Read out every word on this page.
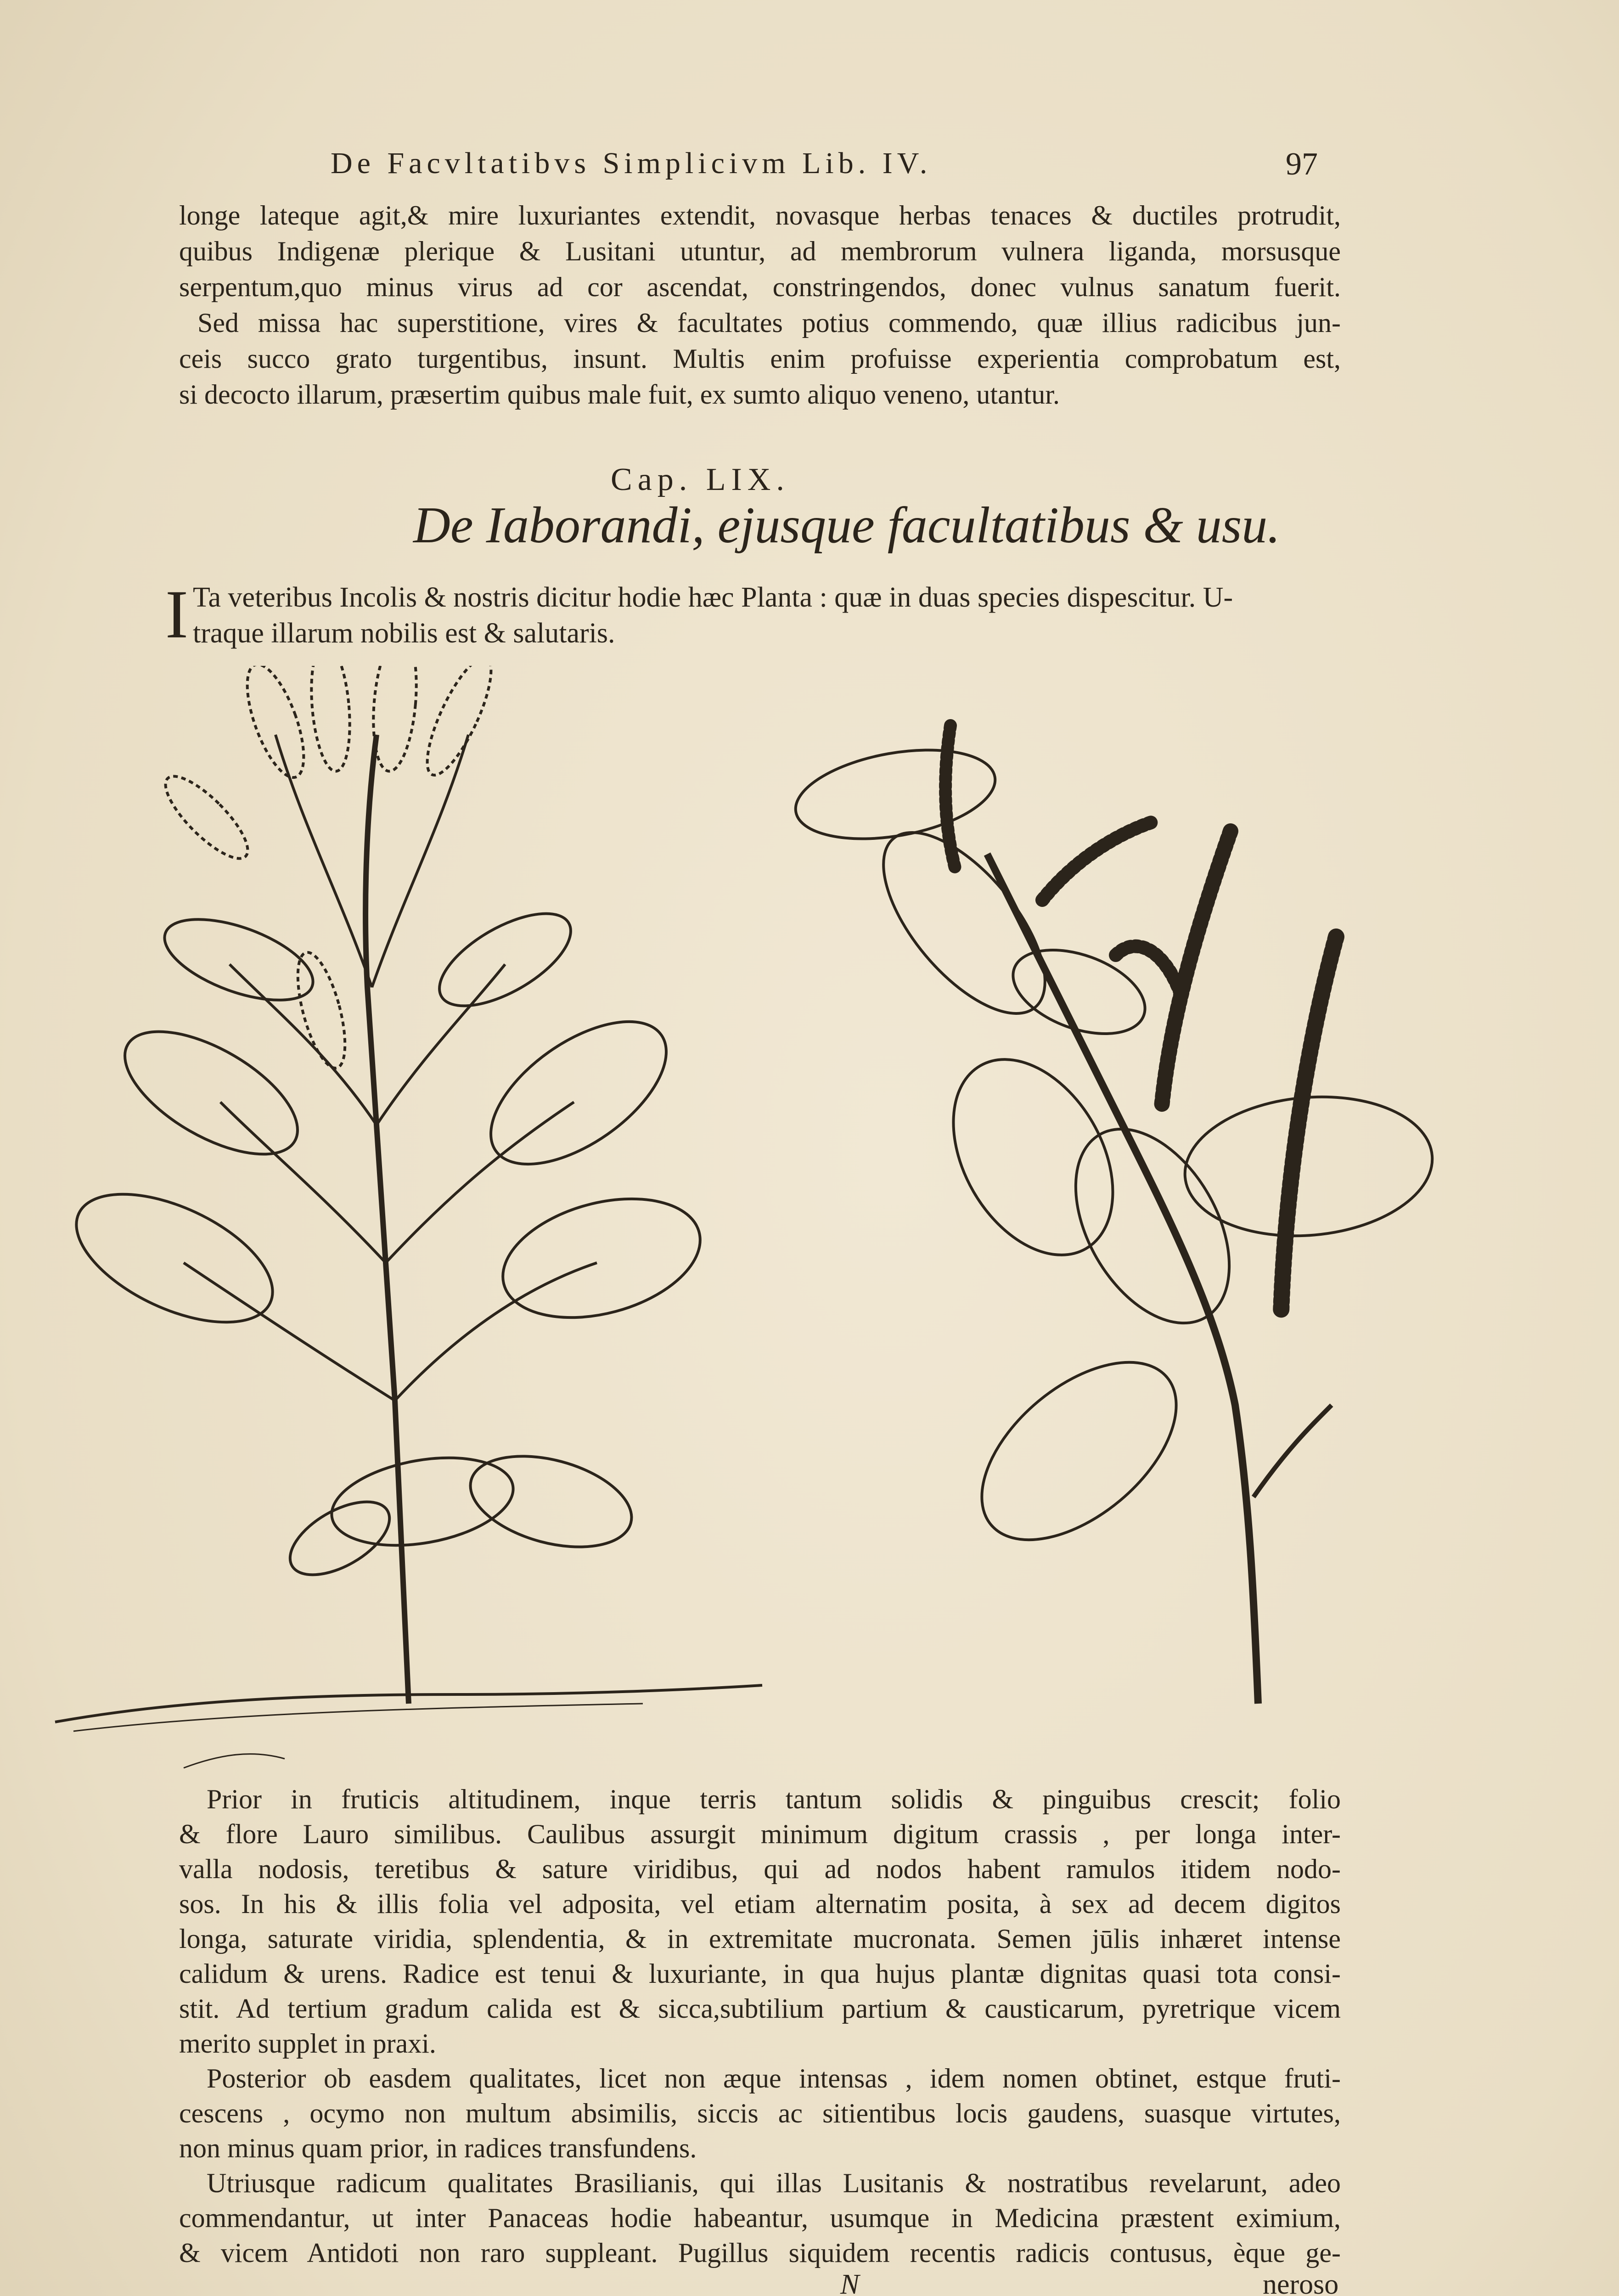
De Facvltatibvs Simplicivm Lib. IV.	97
longe lateque agit,& mire luxuriantes extendit, novasque herbas tenaces & ductiles protrudit,
quibus Indigenæ plerique & Lusitani utuntur, ad membrorum vulnera liganda, morsusque
serpentum,quo minus virus ad cor ascendat, constringendos, donec vulnus sanatum fuerit.
Sed missa hac superstitione, vires & facultates potius commendo, quæ illius radicibus jun-
ceis succo grato turgentibus, insunt. Multis enim profuisse experientia comprobatum est,
si decocto illarum, præsertim quibus male fuit, ex sumto aliquo veneno, utantur.
Cap. LIX.
De Iaborandi, ejusque facultatibus & usu.
I Ta veteribus Incolis & nostris dicitur hodie hæc Planta : quæ in duas species dispescitur. U-
traque illarum nobilis est & salutaris.
Prior in fruticis altitudinem, inque terris tantum solidis & pinguibus crescit; folio
& flore Lauro similibus. Caulibus assurgit minimum digitum crassis , per longa inter-
valla nodosis, teretibus & sature viridibus, qui ad nodos habent ramulos itidem nodo-
sos. In his & illis folia vel adposita, vel etiam alternatim posita, à sex ad decem digitos
longa, saturate viridia, splendentia, & in extremitate mucronata. Semen jūlis inhæret intense
calidum & urens. Radice est tenui & luxuriante, in qua hujus plantæ dignitas quasi tota consi-
stit. Ad tertium gradum calida est & sicca,subtilium partium & causticarum, pyretrique vicem
merito supplet in praxi.
Posterior ob easdem qualitates, licet non æque intensas , idem nomen obtinet, estque fruti-
cescens , ocymo non multum absimilis, siccis ac sitientibus locis gaudens, suasque virtutes,
non minus quam prior, in radices transfundens.
Utriusque radicum qualitates Brasilianis, qui illas Lusitanis & nostratibus revelarunt, adeo
commendantur, ut inter Panaceas hodie habeantur, usumque in Medicina præstent eximium,
& vicem Antidoti non raro suppleant. Pugillus siquidem recentis radicis contusus, èque ge-
N	neroso
